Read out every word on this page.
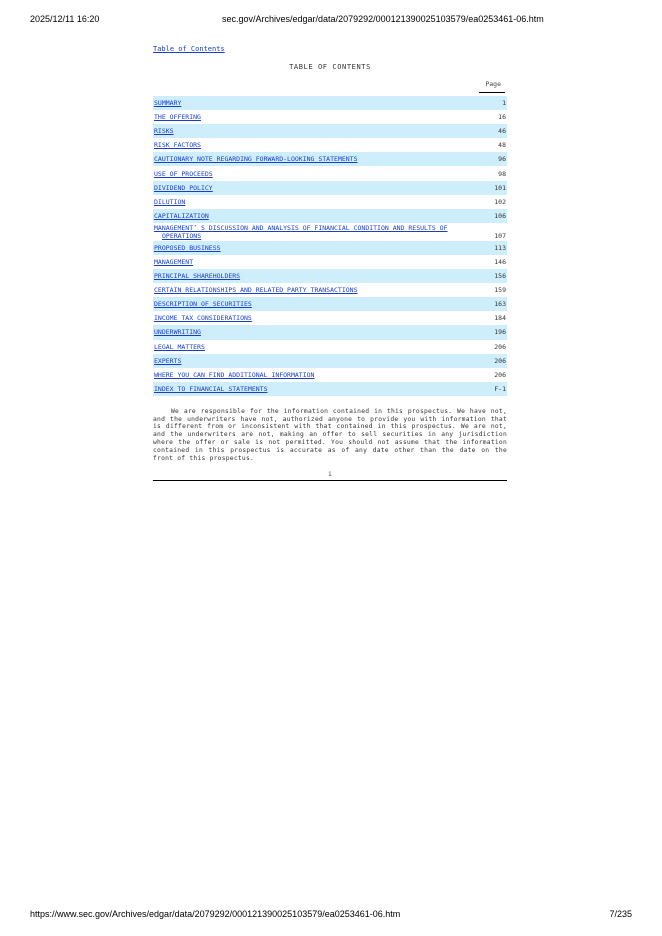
2025/12/11 16:20	sec.gov/Archives/edgar/data/2079292/000121390025103579/ea0253461-06.htm
Table of Contents
TABLE OF CONTENTS
Page
SUMMARY	1
THE OFFERING	16
RISKS	46
RISK FACTORS	48
CAUTIONARY NOTE REGARDING FORWARD-LOOKING STATEMENTS	96
USE OF PROCEEDS	98
DIVIDEND POLICY	101
DILUTION	102
CAPITALIZATION	106
MANAGEMENT’ S DISCUSSION AND ANALYSIS OF FINANCIAL CONDITION AND RESULTS OF
OPERATIONS	107
PROPOSED BUSINESS	113
MANAGEMENT	146
PRINCIPAL SHAREHOLDERS	156
CERTAIN RELATIONSHIPS AND RELATED PARTY TRANSACTIONS	159
DESCRIPTION OF SECURITIES	163
INCOME TAX CONSIDERATIONS	184
UNDERWRITING	196
LEGAL MATTERS	206
EXPERTS	206
WHERE YOU CAN FIND ADDITIONAL INFORMATION	206
INDEX TO FINANCIAL STATEMENTS	F-1

We are responsible for the information contained in this prospectus. We have not, and the underwriters have not, authorized anyone to provide you with information that is different from or inconsistent with that contained in this prospectus. We are not, and the underwriters are not, making an offer to sell securities in any jurisdiction where the offer or sale is not permitted. You should not assume that the information contained in this prospectus is accurate as of any date other than the date on the front of this prospectus.

i
https://www.sec.gov/Archives/edgar/data/2079292/000121390025103579/ea0253461-06.htm	7/235
